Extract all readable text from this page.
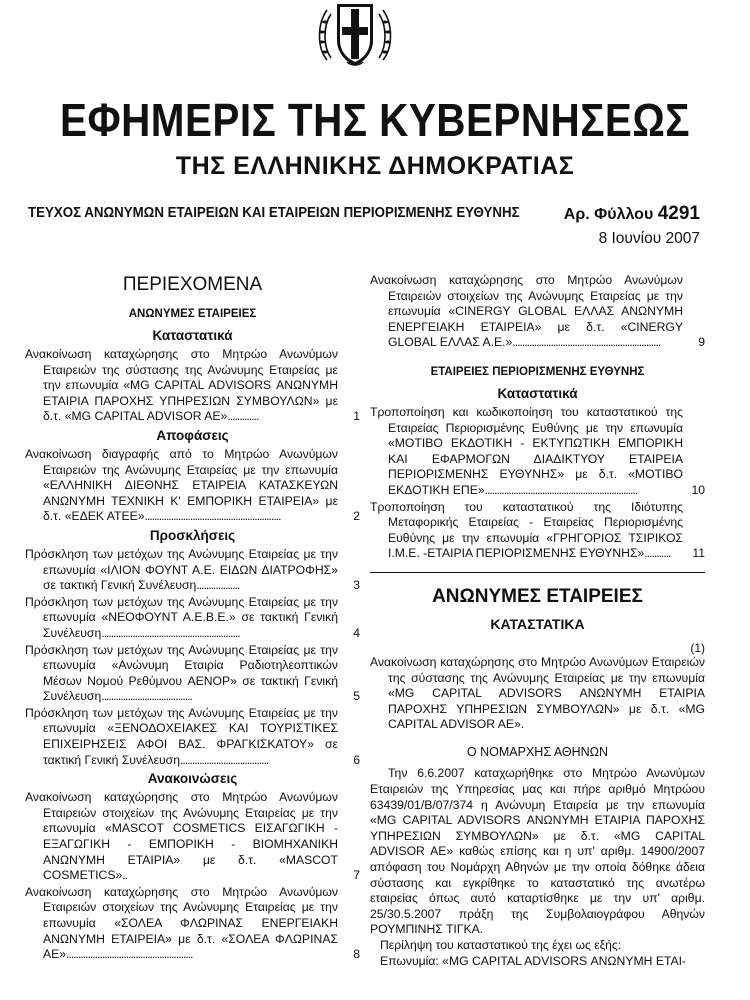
ΕΦΗΜΕΡΙΣ ΤΗΣ ΚΥΒΕΡΝΗΣΕΩΣ
ΤΗΣ ΕΛΛΗΝΙΚΗΣ ΔΗΜΟΚΡΑΤΙΑΣ
ΤΕΥΧΟΣ ΑΝΩΝΥΜΩΝ ΕΤΑΙΡΕΙΩΝ ΚΑΙ ΕΤΑΙΡΕΙΩΝ ΠΕΡΙΟΡΙΣΜΕΝΗΣ ΕΥΘΥΝΗΣ	Αρ. Φύλλου 4291
8 Ιουνίου 2007
ΠΕΡΙΕΧΟΜΕΝΑ
ΑΝΩΝΥΜΕΣ ΕΤΑΙΡΕΙΕΣ
Καταστατικά
Ανακοίνωση καταχώρησης στο Μητρώο Ανωνύμων Εταιρειών της σύστασης της Ανώνυμης Εταιρείας με την επωνυμία «MG CAPITAL ADVISORS ΑΝΩΝΥΜΗ ΕΤΑΙΡΙΑ ΠΑΡΟΧΗΣ ΥΠΗΡΕΣΙΩΝ ΣΥΜΒΟΥΛΩΝ» με δ.τ. «MG CAPITAL ADVISOR AE».............	1
Αποφάσεις
Ανακοίνωση διαγραφής από το Μητρώο Ανωνύμων Εταιρειών της Ανώνυμης Εταιρείας με την επωνυμία «ΕΛΛΗΝΙΚΗ ΔΙΕΘΝΗΣ ΕΤΑΙΡΕΙΑ ΚΑΤΑΣΚΕΥΩΝ ΑΝΩΝΥΜΗ ΤΕΧΝΙΚΗ Κ' ΕΜΠΟΡΙΚΗ ΕΤΑΙΡΕΙΑ» με δ.τ. «ΕΔΕΚ ΑΤΕΕ».........................................................	2
Προσκλήσεις
Πρόσκληση των μετόχων της Ανώνυμης Εταιρείας με την επωνυμία «ΙΛΙΟΝ ΦΟΥΝΤ Α.Ε. ΕΙΔΩΝ ΔΙΑΤΡΟΦΗΣ» σε τακτική Γενική Συνέλευση..................	3
Πρόσκληση των μετόχων της Ανώνυμης Εταιρείας με την επωνυμία «ΝΕΟΦΟΥΝΤ Α.Ε.Β.Ε.» σε τακτική Γενική Συνέλευση..........................................................	4
Πρόσκληση των μετόχων της Ανώνυμης Εταιρείας με την επωνυμία «Ανώνυμη Εταιρία Ραδιοτηλεοπτικών Μέσων Νομού Ρεθύμνου AENOP» σε τακτική Γενική Συνέλευση......................................	5
Πρόσκληση των μετόχων της Ανώνυμης Εταιρείας με την επωνυμία «ΞΕΝΟΔΟΧΕΙΑΚΕΣ ΚΑΙ ΤΟΥΡΙΣΤΙΚΕΣ ΕΠΙΧΕΙΡΗΣΕΙΣ ΑΦΟΙ ΒΑΣ. ΦΡΑΓΚΙΣΚΑΤΟΥ» σε τακτική Γενική Συνέλευση.....................................	6
Ανακοινώσεις
Ανακοίνωση καταχώρησης στο Μητρώο Ανωνύμων Εταιρειών στοιχείων της Ανώνυμης Εταιρείας με την επωνυμία «MASCOT COSMETICS ΕΙΣΑΓΩΓΙΚΗ - ΕΞΑΓΩΓΙΚΗ - ΕΜΠΟΡΙΚΗ - ΒΙΟΜΗΧΑΝΙΚΗ ΑΝΩΝΥΜΗ ΕΤΑΙΡΙΑ» με δ.τ. «MASCOT COSMETICS»..	7
Ανακοίνωση καταχώρησης στο Μητρώο Ανωνύμων Εταιρειών στοιχείων της Ανώνυμης Εταιρείας με την επωνυμία «ΣΟΛΕΑ ΦΛΩΡΙΝΑΣ ΕΝΕΡΓΕΙΑΚΗ ΑΝΩΝΥΜΗ ΕΤΑΙΡΕΙΑ» με δ.τ. «ΣΟΛΕΑ ΦΛΩΡΙΝΑΣ ΑΕ».....................................................	8
Ανακοίνωση καταχώρησης στο Μητρώο Ανωνύμων Εταιρειών στοιχείων της Ανώνυμης Εταιρείας με την επωνυμία «CINERGY GLOBAL ΕΛΛΑΣ ΑΝΩΝΥΜΗ ΕΝΕΡΓΕΙΑΚΗ ΕΤΑΙΡΕΙΑ» με δ.τ. «CINERGY GLOBAL ΕΛΛΑΣ Α.Ε.»..............................................................	9
ΕΤΑΙΡΕΙΕΣ ΠΕΡΙΟΡΙΣΜΕΝΗΣ ΕΥΘΥΝΗΣ
Καταστατικά
Τροποποίηση και κωδικοποίηση του καταστατικού της Εταιρείας Περιορισμένης Ευθύνης με την επωνυμία «ΜΟΤΙΒΟ ΕΚΔΟΤΙΚΗ - ΕΚΤΥΠΩΤΙΚΗ ΕΜΠΟΡΙΚΗ ΚΑΙ ΕΦΑΡΜΟΓΩΝ ΔΙΑΔΙΚΤΥΟΥ ΕΤΑΙΡΕΙΑ ΠΕΡΙΟΡΙΣΜΕΝΗΣ ΕΥΘΥΝΗΣ» με δ.τ. «ΜΟΤΙΒΟ ΕΚΔΟΤΙΚΗ ΕΠΕ»................................................................	10
Τροποποίηση του καταστατικού της Ιδιότυπης Μεταφορικής Εταιρείας - Εταιρείας Περιορισμένης Ευθύνης με την επωνυμία «ΓΡΗΓΟΡΙΟΣ ΤΣΙΡΙΚΟΣ Ι.Μ.Ε. -ΕΤΑΙΡΙΑ ΠΕΡΙΟΡΙΣΜΕΝΗΣ ΕΥΘΥΝΗΣ»........... 11
ΑΝΩΝΥΜΕΣ ΕΤΑΙΡΕΙΕΣ
ΚΑΤΑΣΤΑΤΙΚΑ
(1)
Ανακοίνωση καταχώρησης στο Μητρώο Ανωνύμων Εταιρειών της σύστασης της Ανώνυμης Εταιρείας με την επωνυμία «MG CAPITAL ADVISORS ΑΝΩΝΥΜΗ ΕΤΑΙΡΙΑ ΠΑΡΟΧΗΣ ΥΠΗΡΕΣΙΩΝ ΣΥΜΒΟΥΛΩΝ» με δ.τ. «MG CAPITAL ADVISOR AE».
Ο ΝΟΜΑΡΧΗΣ ΑΘΗΝΩΝ
Την 6.6.2007 καταχωρήθηκε στο Μητρώο Ανωνύμων Εταιρειών της Υπηρεσίας μας και πήρε αριθμό Μητρώου 63439/01/Β/07/374 η Ανώνυμη Εταιρεία με την επωνυμία «MG CAPITAL ADVISORS ΑΝΩΝΥΜΗ ΕΤΑΙΡΙΑ ΠΑΡΟΧΗΣ ΥΠΗΡΕΣΙΩΝ ΣΥΜΒΟΥΛΩΝ» με δ.τ. «MG CAPITAL ADVISOR AE» καθώς επίσης και η υπ' αριθμ. 14900/2007 απόφαση του Νομάρχη Αθηνών με την οποία δόθηκε άδεια σύστασης και εγκρίθηκε το καταστατικό της ανωτέρω εταιρείας όπως αυτό καταρτίσθηκε με την υπ' αριθμ. 25/30.5.2007 πράξη της Συμβολαιογράφου Αθηνών ΡΟΥΜΠΙΝΗΣ ΤΙΓΚΑ.
Περίληψη του καταστατικού της έχει ως εξής:
Επωνυμία: «MG CAPITAL ADVISORS ΑΝΩΝΥΜΗ ΕΤΑΙ-
